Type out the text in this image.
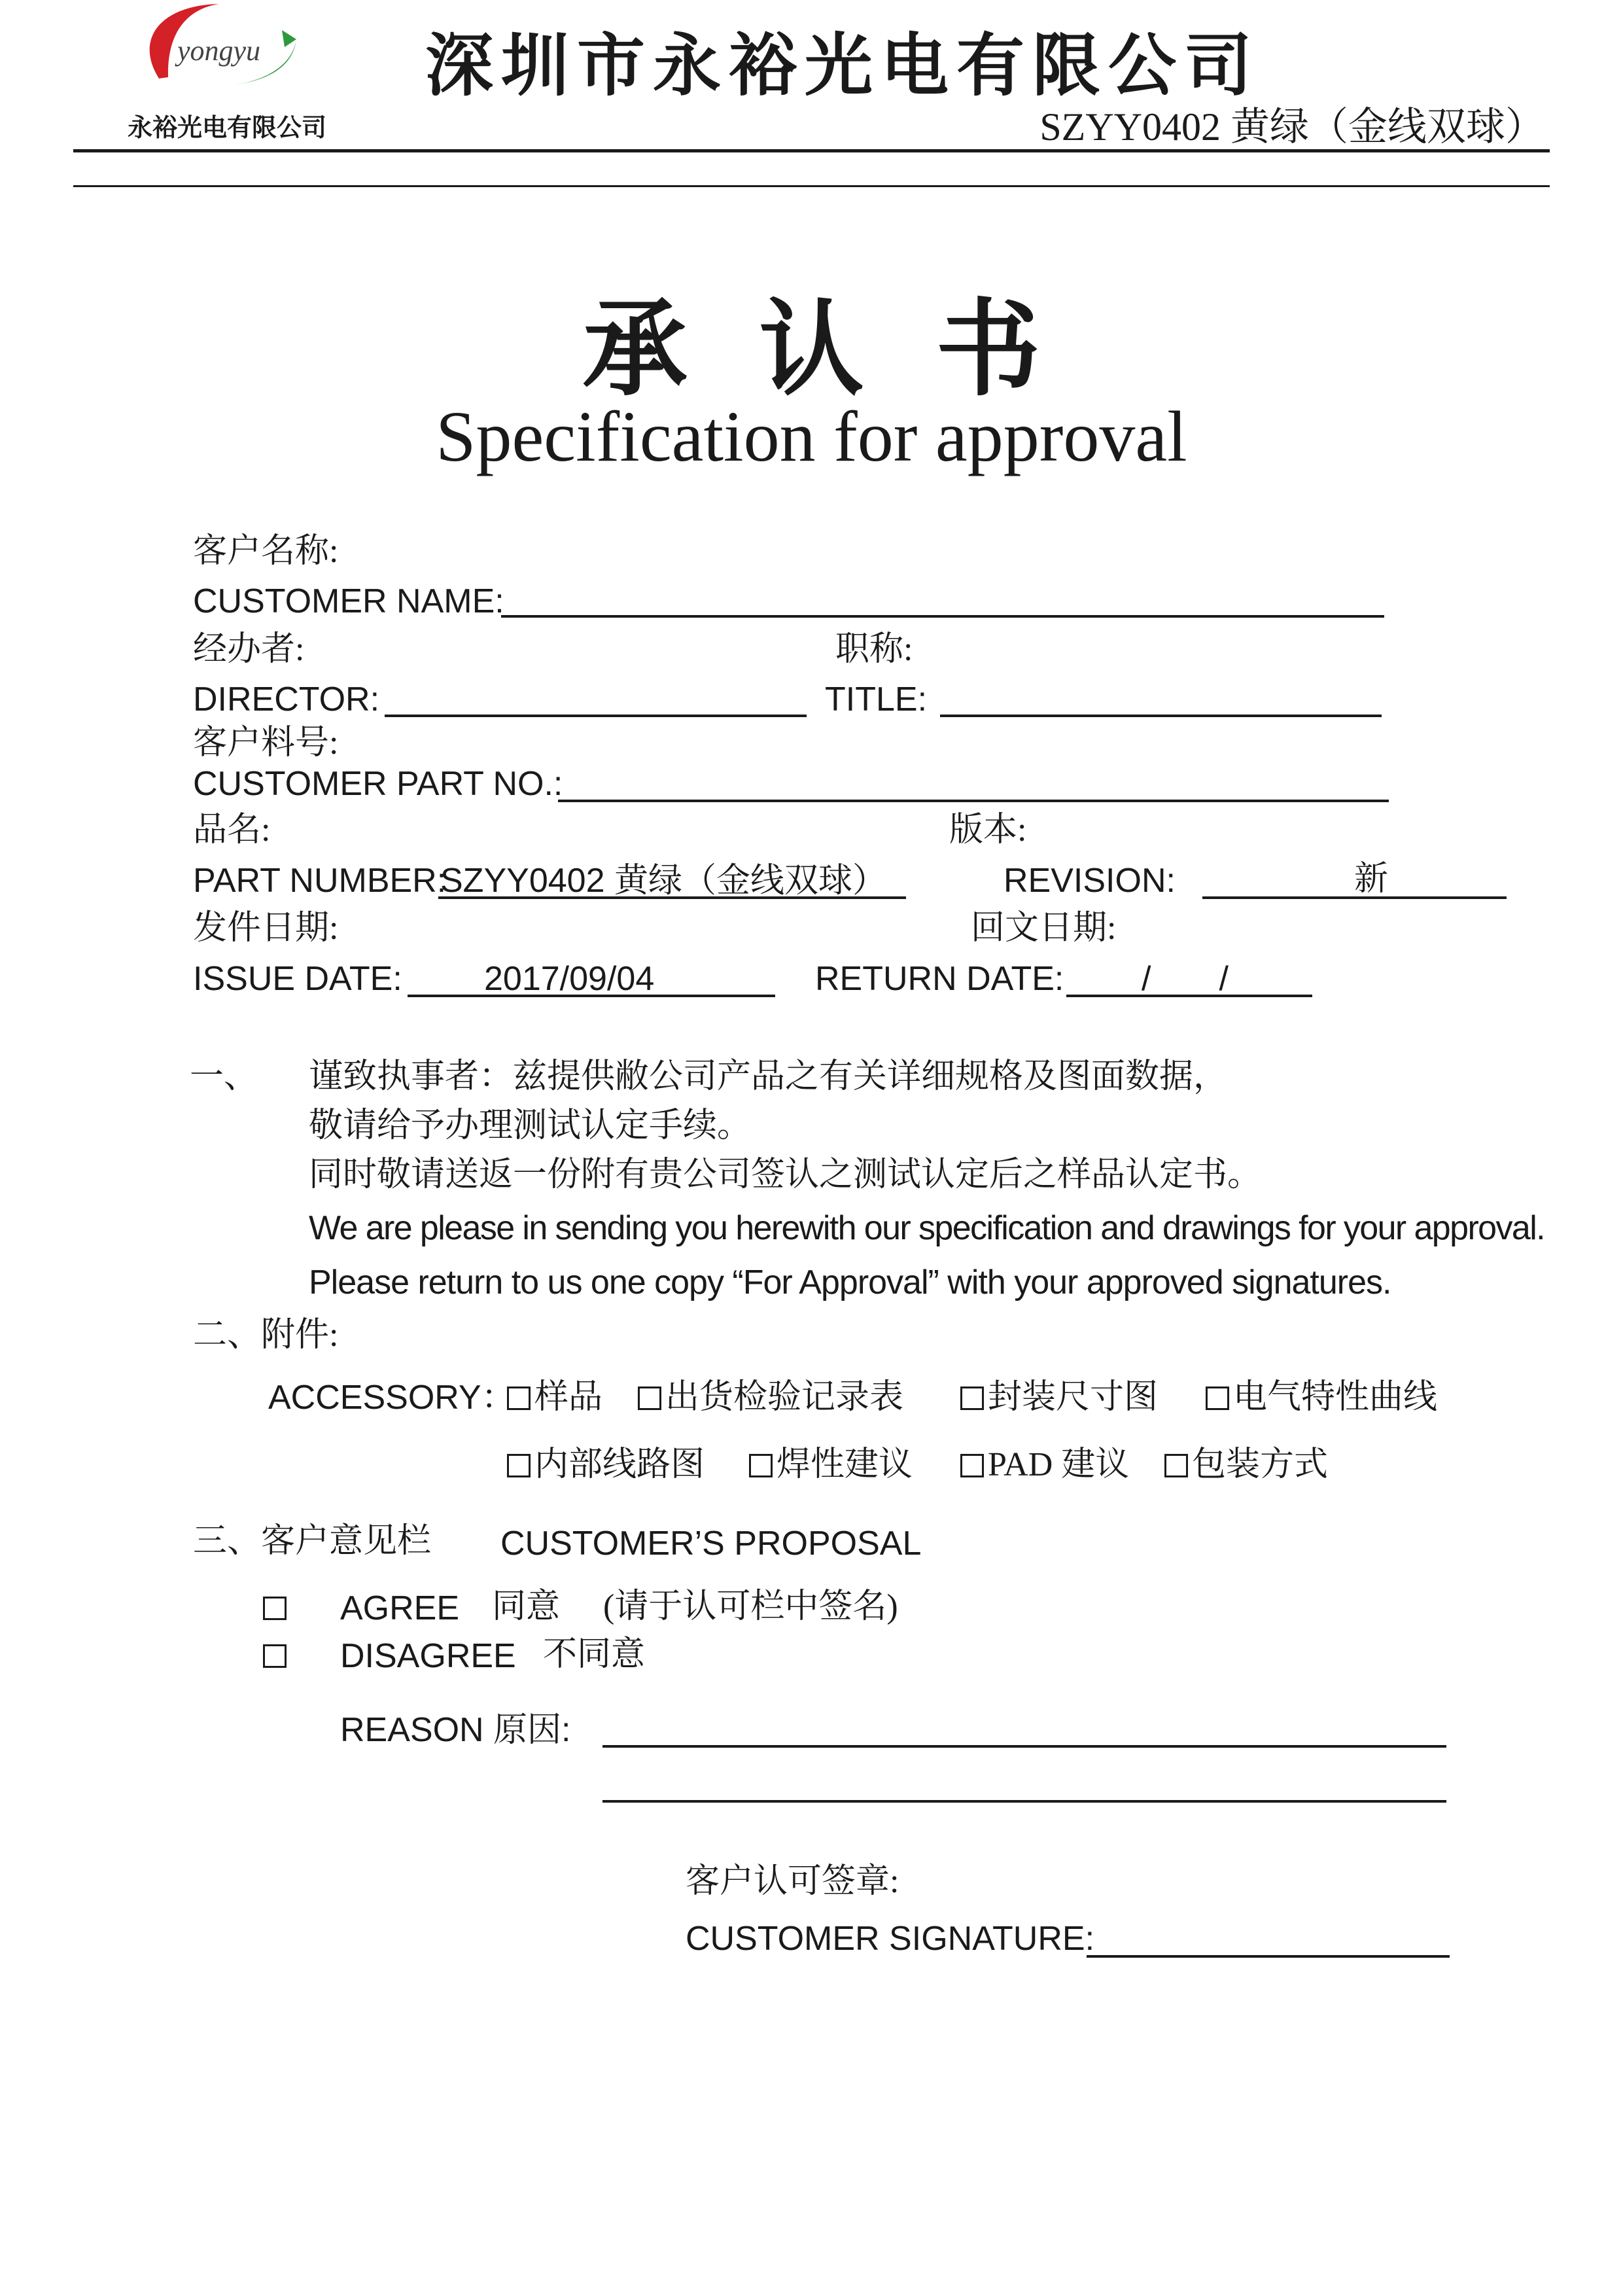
yongyu
永裕光电有限公司
深圳市永裕光电有限公司
SZYY0402 黄绿（金线双球）
承认书
Specification for approval
客户名称:
CUSTOMER NAME:
经办者:	职称:
DIRECTOR:	TITLE:
客户料号:
CUSTOMER PART NO.:
品名:	版本:
PART NUMBER:
SZYY0402 黄绿（金线双球）	REVISION:	新
发件日期:	回文日期:
ISSUE DATE: 2017/09/04	RETURN DATE: /　　/
一、 谨致执事者：兹提供敝公司产品之有关详细规格及图面数据，
敬请给予办理测试认定手续。
同时敬请送返一份附有贵公司签认之测试认定后之样品认定书。
We are please in sending you herewith our specification and drawings for your approval.
Please return to us one copy “For Approval” with your approved signatures.
二、附件:
ACCESSORY： 样品	出货检验记录表	封装尺寸图	电气特性曲线
内部线路图	焊性建议	PAD 建议	包装方式
三、客户意见栏 CUSTOMER’S PROPOSAL
AGREE 同意 (请于认可栏中签名)
DISAGREE 不同意
REASON 原因:
客户认可签章:
CUSTOMER SIGNATURE:
